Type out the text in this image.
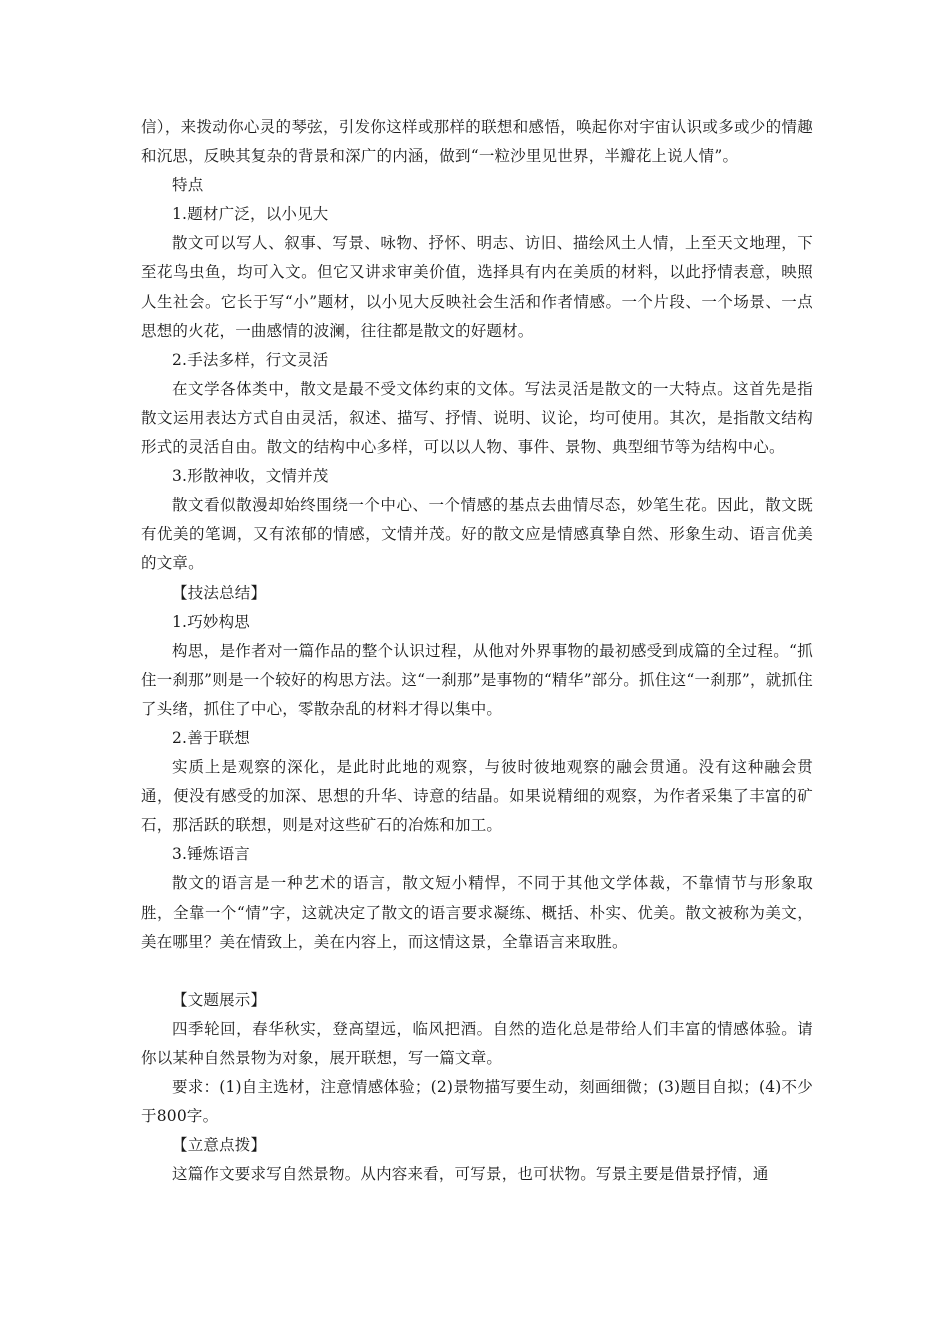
信），来拨动你心灵的琴弦，引发你这样或那样的联想和感悟，唤起你对宇宙认识或多或少的情趣和沉思，反映其复杂的背景和深广的内涵，做到“一粒沙里见世界，半瓣花上说人情”。

特点

1.题材广泛，以小见大

散文可以写人、叙事、写景、咏物、抒怀、明志、访旧、描绘风土人情，上至天文地理，下至花鸟虫鱼，均可入文。但它又讲求审美价值，选择具有内在美质的材料，以此抒情表意，映照人生社会。它长于写“小”题材，以小见大反映社会生活和作者情感。一个片段、一个场景、一点思想的火花，一曲感情的波澜，往往都是散文的好题材。

2.手法多样，行文灵活

在文学各体类中，散文是最不受文体约束的文体。写法灵活是散文的一大特点。这首先是指散文运用表达方式自由灵活，叙述、描写、抒情、说明、议论，均可使用。其次，是指散文结构形式的灵活自由。散文的结构中心多样，可以以人物、事件、景物、典型细节等为结构中心。

3.形散神收，文情并茂

散文看似散漫却始终围绕一个中心、一个情感的基点去曲情尽态，妙笔生花。因此，散文既有优美的笔调，又有浓郁的情感，文情并茂。好的散文应是情感真挚自然、形象生动、语言优美的文章。

【技法总结】

1.巧妙构思

构思，是作者对一篇作品的整个认识过程，从他对外界事物的最初感受到成篇的全过程。“抓住一刹那”则是一个较好的构思方法。这“一刹那”是事物的“精华”部分。抓住这“一刹那”，就抓住了头绪，抓住了中心，零散杂乱的材料才得以集中。

2.善于联想

实质上是观察的深化，是此时此地的观察，与彼时彼地观察的融会贯通。没有这种融会贯通，便没有感受的加深、思想的升华、诗意的结晶。如果说精细的观察，为作者采集了丰富的矿石，那活跃的联想，则是对这些矿石的冶炼和加工。

3.锤炼语言

散文的语言是一种艺术的语言，散文短小精悍，不同于其他文学体裁，不靠情节与形象取胜，全靠一个“情”字，这就决定了散文的语言要求凝练、概括、朴实、优美。散文被称为美文，美在哪里？美在情致上，美在内容上，而这情这景，全靠语言来取胜。

【文题展示】

四季轮回，春华秋实，登高望远，临风把酒。自然的造化总是带给人们丰富的情感体验。请你以某种自然景物为对象，展开联想，写一篇文章。

要求：(1)自主选材，注意情感体验；(2)景物描写要生动，刻画细微；(3)题目自拟；(4)不少于800字。

【立意点拨】

这篇作文要求写自然景物。从内容来看，可写景，也可状物。写景主要是借景抒情，通
